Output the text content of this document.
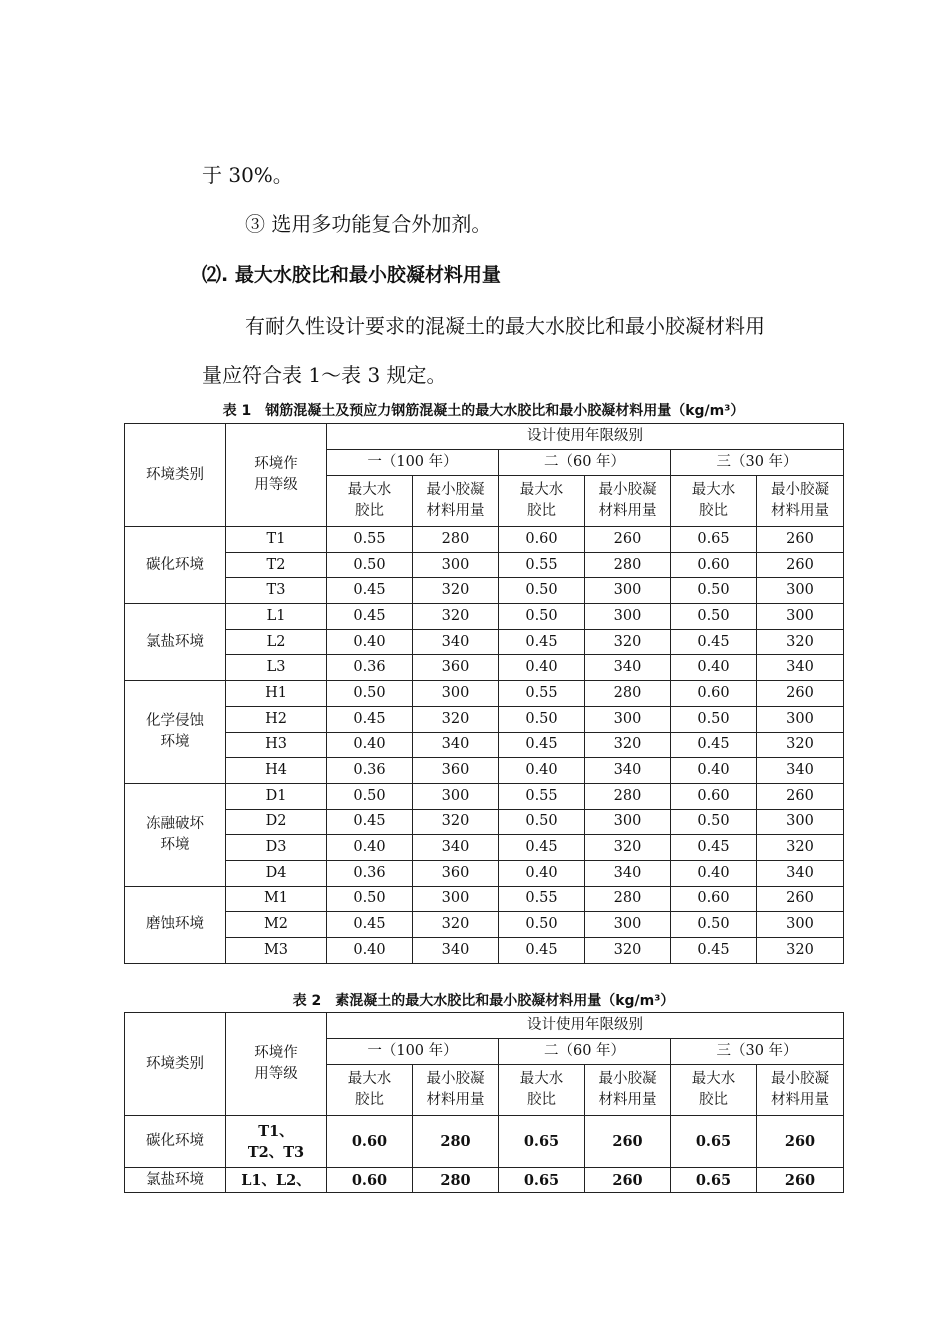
于 30%。
③ 选用多功能复合外加剂。
⑵. 最大水胶比和最小胶凝材料用量
有耐久性设计要求的混凝土的最大水胶比和最小胶凝材料用
量应符合表 1～表 3 规定。
表 1　钢筋混凝土及预应力钢筋混凝土的最大水胶比和最小胶凝材料用量（kg/m³）
环境类别	环境作用等级	设计使用年限级别					
		一（100 年）		二（60 年）		三（30 年）	

		最大水胶比	最小胶凝材料用量	最大水胶比	最小胶凝材料用量	最大水胶比	最小胶凝材料用量

碳化环境	T1	0.55	280	0.60	260	0.65	260
	T2	0.50	300	0.55	280	0.60	260
	T3	0.45	320	0.50	300	0.50	300

氯盐环境	L1	0.45	320	0.50	300	0.50	300
	L2	0.40	340	0.45	320	0.45	320
	L3	0.36	360	0.40	340	0.40	340

化学侵蚀环境	H1	0.50	300	0.55	280	0.60	260
	H2	0.45	320	0.50	300	0.50	300
	H3	0.40	340	0.45	320	0.45	320
	H4	0.36	360	0.40	340	0.40	340

冻融破坏环境	D1	0.50	300	0.55	280	0.60	260
	D2	0.45	320	0.50	300	0.50	300
	D3	0.40	340	0.45	320	0.45	320
	D4	0.36	360	0.40	340	0.40	340

磨蚀环境	M1	0.50	300	0.55	280	0.60	260
	M2	0.45	320	0.50	300	0.50	300
	M3	0.40	340	0.45	320	0.45	320
表 2　素混凝土的最大水胶比和最小胶凝材料用量（kg/m³）
环境类别	环境作用等级	设计使用年限级别					
		一（100 年）		二（60 年）		三（30 年）	

		最大水胶比	最小胶凝材料用量	最大水胶比	最小胶凝材料用量	最大水胶比	最小胶凝材料用量

碳化环境	T1、T2、T3	0.60	280	0.65	260	0.65	260
氯盐环境	L1、L2、	0.60	280	0.65	260	0.65	260
